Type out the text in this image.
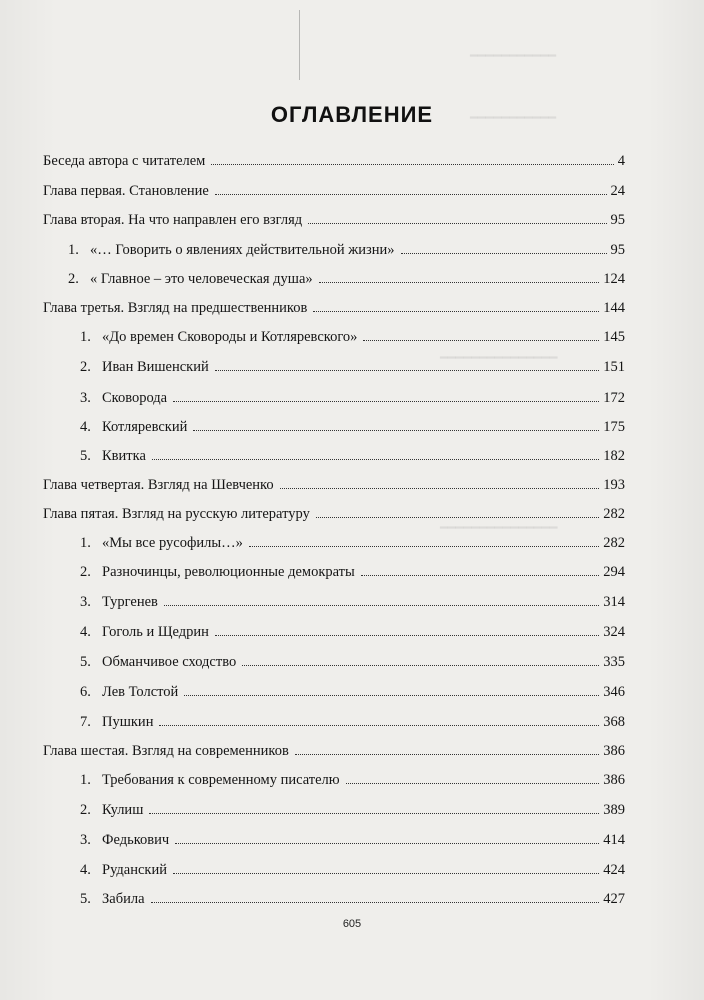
━━━━━━━━━━━
━━━━━━━━━━━
━━━━━━━━━━━━━━━
━━━━━━━━━━━━━━━
ОГЛАВЛЕНИЕ
Беседа автора с читателем	4
Глава первая. Становление	24
Глава вторая. На что направлен его взгляд	95
1. «… Говорить о явлениях действительной жизни»	95
2. « Главное – это человеческая душа»	124
Глава третья. Взгляд на предшественников	144
1. «До времен Сковороды и Котляревского»	145
2. Иван Вишенский	151
3. Сковорода	172
4. Котляревский	175
5. Квитка	182
Глава четвертая. Взгляд на Шевченко	193
Глава пятая. Взгляд на русскую литературу	282
1. «Мы все русофилы…»	282
2. Разночинцы, революционные демократы	294
3. Тургенев	314
4. Гоголь и Щедрин	324
5. Обманчивое сходство	335
6. Лев Толстой	346
7. Пушкин	368
Глава шестая. Взгляд на современников	386
1. Требования к современному писателю	386
2. Кулиш	389
3. Федькович	414
4. Руданский	424
5. Забила	427
605
